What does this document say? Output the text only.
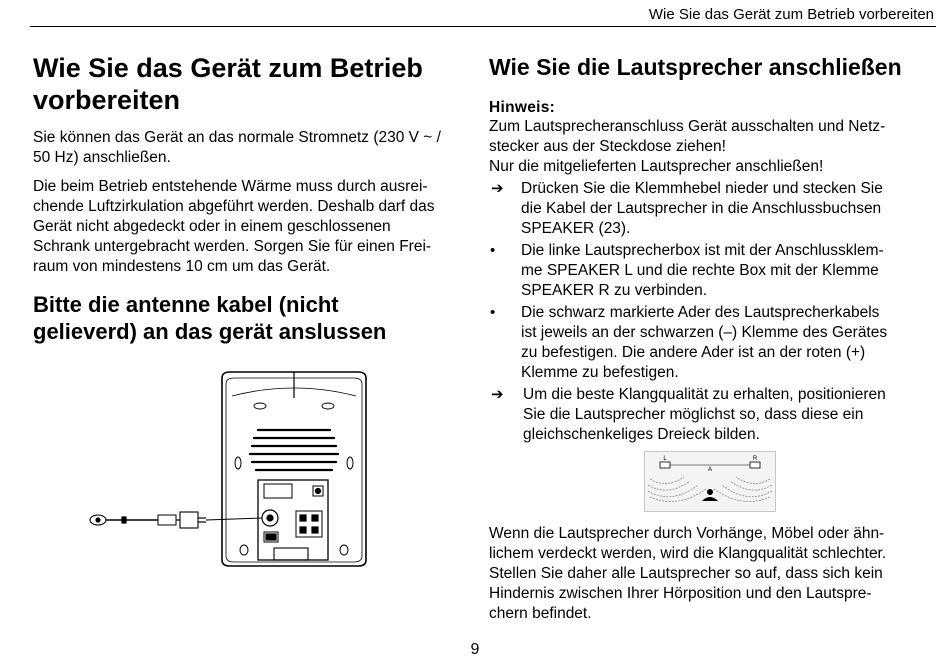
Wie Sie das Gerät zum Betrieb vorbereiten
Wie Sie das Gerät zum Betrieb
vorbereiten

Sie können das Gerät an das normale Stromnetz (230 V ~ /
50 Hz) anschließen.

Die beim Betrieb entstehende Wärme muss durch ausrei-
chende Luftzirkulation abgeführt werden. Deshalb darf das
Gerät nicht abgedeckt oder in einem geschlossenen
Schrank untergebracht werden. Sorgen Sie für einen Frei-
raum von mindestens 10 cm um das Gerät.

Bitte die antenne kabel (nicht
gelieverd) an das gerät anslussen
Wie Sie die Lautsprecher anschließen
Hinweis:

Zum Lautsprecheranschluss Gerät ausschalten und Netz-
stecker aus der Steckdose ziehen!
Nur die mitgelieferten Lautsprecher anschließen!

➔ Drücken Sie die Klemmhebel nieder und stecken Sie
die Kabel der Lautsprecher in die Anschlussbuchsen
SPEAKER (23).
• Die linke Lautsprecherbox ist mit der Anschlussklem-
me SPEAKER L und die rechte Box mit der Klemme
SPEAKER R zu verbinden.
• Die schwarz markierte Ader des Lautsprecherkabels
ist jeweils an der schwarzen (–) Klemme des Gerätes
zu befestigen. Die andere Ader ist an der roten (+)
Klemme zu befestigen.
➔ Um die beste Klangqualität zu erhalten, positionieren
Sie die Lautsprecher möglichst so, dass diese ein
gleichschenkeliges Dreieck bilden.
L
A
R

Wenn die Lautsprecher durch Vorhänge, Möbel oder ähn-
lichem verdeckt werden, wird die Klangqualität schlechter.
Stellen Sie daher alle Lautsprecher so auf, dass sich kein
Hindernis zwischen Ihrer Hörposition und den Lautspre-
chern befindet.

9
